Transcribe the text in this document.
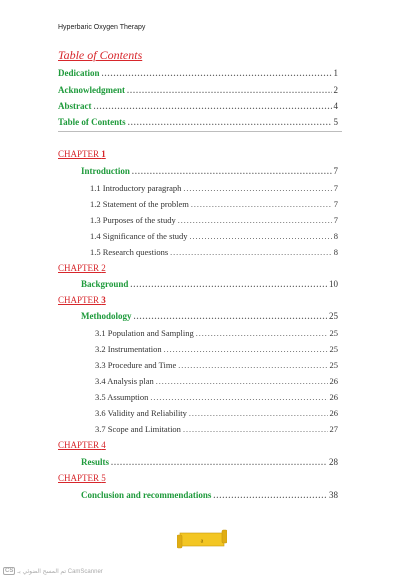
Hyperbaric Oxygen Therapy
Table of Contents
Dedication .....	1
Acknowledgment .....	2
Abstract .....	4
Table of Contents .....	5
CHAPTER 1
Introduction .....	7
1.1 Introductory paragraph .....	7
1.2 Statement of the problem .....	7
1.3 Purposes of the study .....	7
1.4 Significance of the study .....	8
1.5 Research questions .....	8
CHAPTER 2
Background .....	10
CHAPTER 3
Methodology .....	25
3.1 Population and Sampling .....	25
3.2 Instrumentation .....	25
3.3 Procedure and Time .....	25
3.4 Analysis plan .....	26
3.5 Assumption .....	26
3.6 Validity and Reliability .....	26
3.7 Scope and Limitation .....	27
CHAPTER 4
Results .....	28
CHAPTER 5
Conclusion and recommendations .....	38
a
CS تم المسح الضوئي بـ CamScanner
